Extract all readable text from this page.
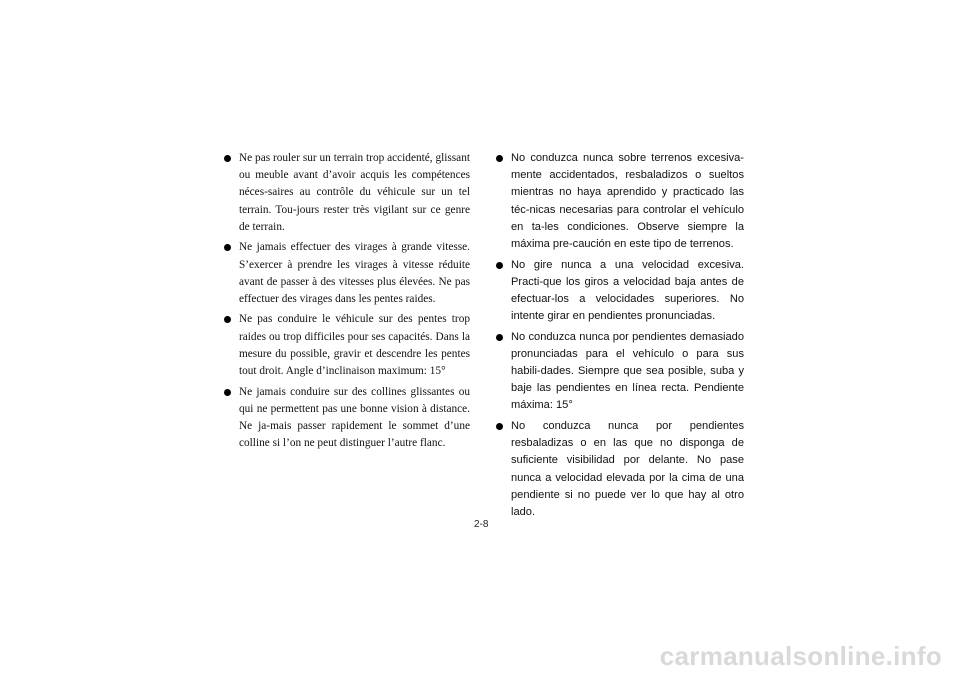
Ne pas rouler sur un terrain trop accidenté, glissant ou meuble avant d’avoir acquis les compétences néces-saires au contrôle du véhicule sur un tel terrain. Tou-jours rester très vigilant sur ce genre de terrain.
Ne jamais effectuer des virages à grande vitesse. S’exercer à prendre les virages à vitesse réduite avant de passer à des vitesses plus élevées. Ne pas effectuer des virages dans les pentes raides.
Ne pas conduire le véhicule sur des pentes trop raides ou trop difficiles pour ses capacités. Dans la mesure du possible, gravir et descendre les pentes tout droit. Angle d’inclinaison maximum: 15°
Ne jamais conduire sur des collines glissantes ou qui ne permettent pas une bonne vision à distance. Ne ja-mais passer rapidement le sommet d’une colline si l’on ne peut distinguer l’autre flanc.
No conduzca nunca sobre terrenos excesiva-mente accidentados, resbaladizos o sueltos mientras no haya aprendido y practicado las téc-nicas necesarias para controlar el vehículo en ta-les condiciones. Observe siempre la máxima pre-caución en este tipo de terrenos.
No gire nunca a una velocidad excesiva. Practi-que los giros a velocidad baja antes de efectuar-los a velocidades superiores. No intente girar en pendientes pronunciadas.
No conduzca nunca por pendientes demasiado pronunciadas para el vehículo o para sus habili-dades. Siempre que sea posible, suba y baje las pendientes en línea recta. Pendiente máxima: 15°
No conduzca nunca por pendientes resbaladizas o en las que no disponga de suficiente visibilidad por delante. No pase nunca a velocidad elevada por la cima de una pendiente si no puede ver lo que hay al otro lado.
2-8
carmanualsonline.info
